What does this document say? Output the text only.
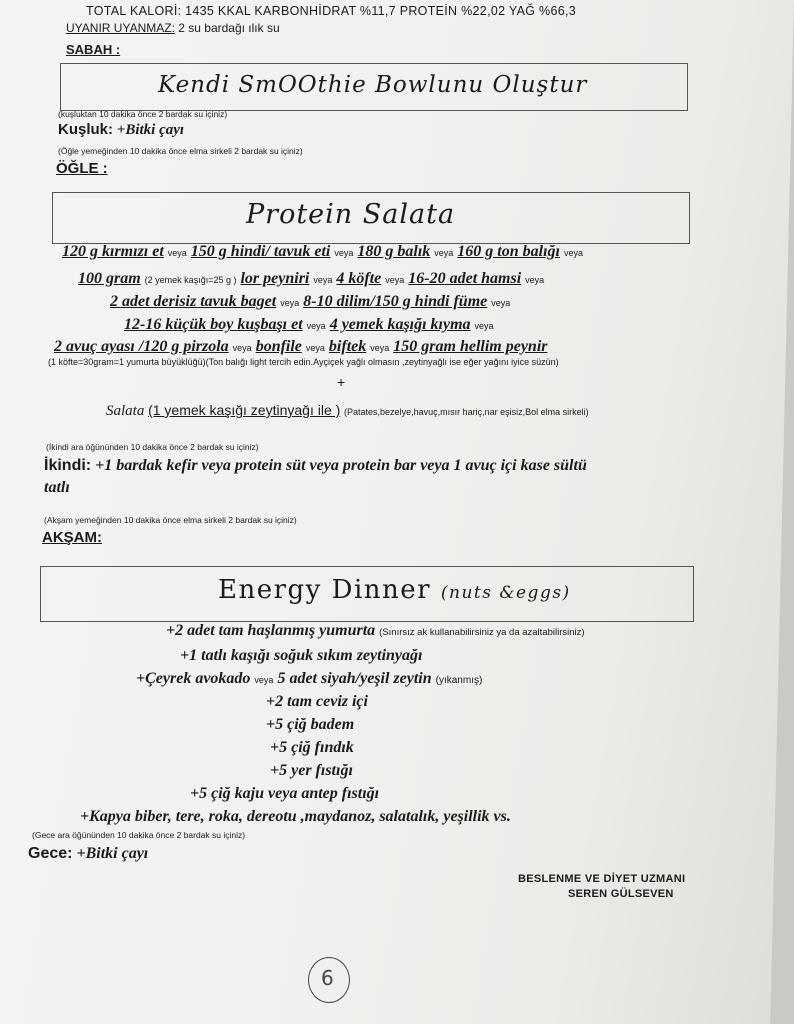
TOTAL KALORİ: 1435 KKAL KARBONHİDRAT %11,7 PROTEİN %22,02 YAĞ %66,3
UYANIR UYANMAZ: 2 su bardağı ılık su
SABAH :
Kendi SmOOthie Bowlunu Oluştur
(kuşluktan 10 dakika önce 2 bardak su içiniz)
Kuşluk: +Bitki çayı
(Öğle yemeğinden 10 dakika önce elma sirkeli 2 bardak su içiniz)
ÖĞLE :
Protein Salata
120 g kırmızı et veya 150 g hindi/ tavuk eti veya 180 g balık veya 160 g ton balığı veya
100 gram (2 yemek kaşığı=25 g ) lor peyniri veya 4 köfte veya 16-20 adet hamsi veya
2 adet derisiz tavuk baget veya 8-10 dilim/150 g hindi füme veya
12-16 küçük boy kuşbaşı et veya 4 yemek kaşığı kıyma veya
2 avuç ayası /120 g pirzola veya bonfile veya biftek veya 150 gram hellim peynir
(1 köfte=30gram=1 yumurta büyüklüğü)(Ton balığı light tercih edin.Ayçiçek yağlı olmasın ,zeytinyağlı ise eğer yağını iyice süzün)
+
Salata (1 yemek kaşığı zeytinyağı ile ) (Patates,bezelye,havuç,mısır hariç,nar eşisiz,Bol elma sirkeli)
(İkindi ara öğününden 10 dakika önce 2 bardak su içiniz)
İkindi: +1 bardak kefir veya protein süt veya protein bar veya 1 avuç içi kase sültü
tatlı
(Akşam yemeğinden 10 dakika önce elma sirkeli 2 bardak su içiniz)
AKŞAM:
Energy Dinner (nuts &eggs)
+2 adet tam haşlanmış yumurta (Sınırsız ak kullanabilirsiniz ya da azaltabilirsiniz)
+1 tatlı kaşığı soğuk sıkım zeytinyağı
+Çeyrek avokado veya 5 adet siyah/yeşil zeytin (yıkanmış)
+2 tam ceviz içi
+5 çiğ badem
+5 çiğ fındık
+5 yer fıstığı
+5 çiğ kaju veya antep fıstığı
+Kapya biber, tere, roka, dereotu ,maydanoz, salatalık, yeşillik vs.
(Gece ara öğününden 10 dakika önce 2 bardak su içiniz)
Gece: +Bitki çayı
BESLENME VE DİYET UZMANI
SEREN GÜLSEVEN
6
